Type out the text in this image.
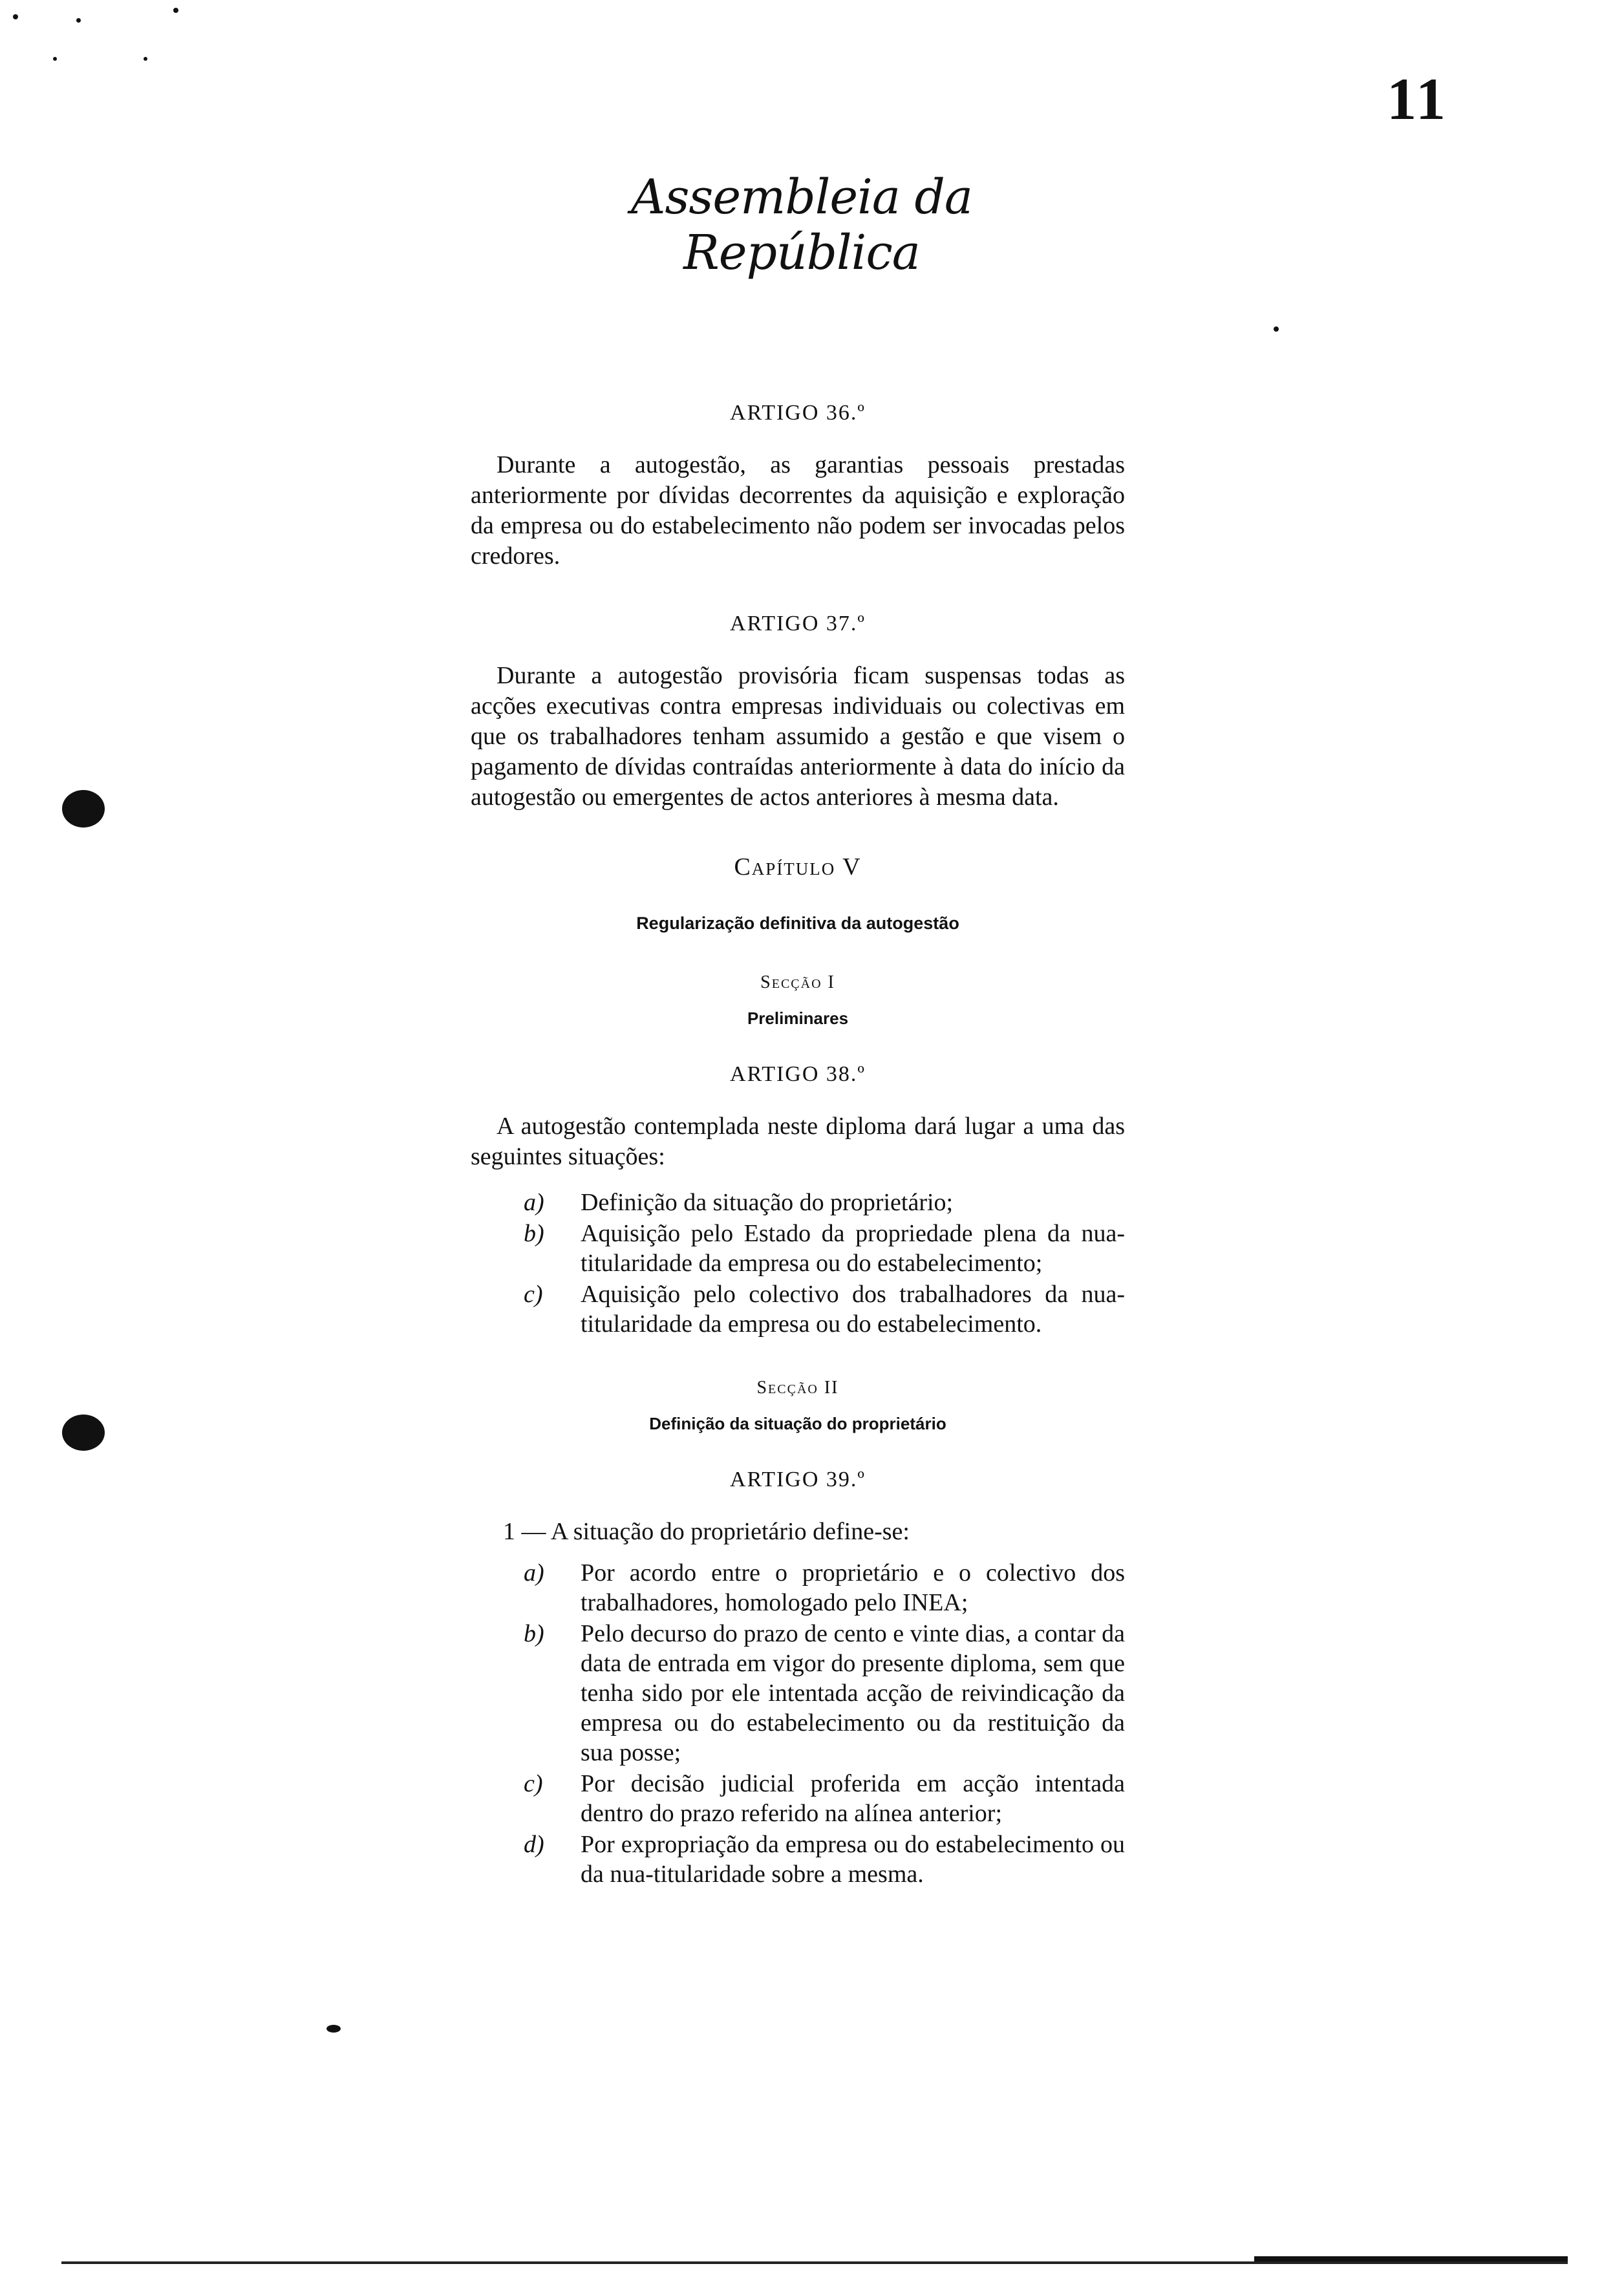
11
Assembleia da República
ARTIGO 36.º

Durante a autogestão, as garantias pessoais prestadas anteriormente por dívidas decorrentes da aquisição e exploração da empresa ou do estabelecimento não podem ser invocadas pelos credores.

ARTIGO 37.º

Durante a autogestão provisória ficam suspensas todas as acções executivas contra empresas individuais ou colectivas em que os trabalhadores tenham assumido a gestão e que visem o pagamento de dívidas contraídas anteriormente à data do início da autogestão ou emergentes de actos anteriores à mesma data.

Capítulo V
Regularização definitiva da autogestão
Secção I
Preliminares
ARTIGO 38.º

A autogestão contemplada neste diploma dará lugar a uma das seguintes situações:

a) Definição da situação do proprietário;
b) Aquisição pelo Estado da propriedade plena da nua-titularidade da empresa ou do estabelecimento;
c) Aquisição pelo colectivo dos trabalhadores da nua-titularidade da empresa ou do estabelecimento.
Secção II
Definição da situação do proprietário
ARTIGO 39.º
1 — A situação do proprietário define-se:
a) Por acordo entre o proprietário e o colectivo dos trabalhadores, homologado pelo INEA;
b) Pelo decurso do prazo de cento e vinte dias, a contar da data de entrada em vigor do presente diploma, sem que tenha sido por ele intentada acção de reivindicação da empresa ou do estabelecimento ou da restituição da sua posse;
c) Por decisão judicial proferida em acção intentada dentro do prazo referido na alínea anterior;
d) Por expropriação da empresa ou do estabelecimento ou da nua-titularidade sobre a mesma.
